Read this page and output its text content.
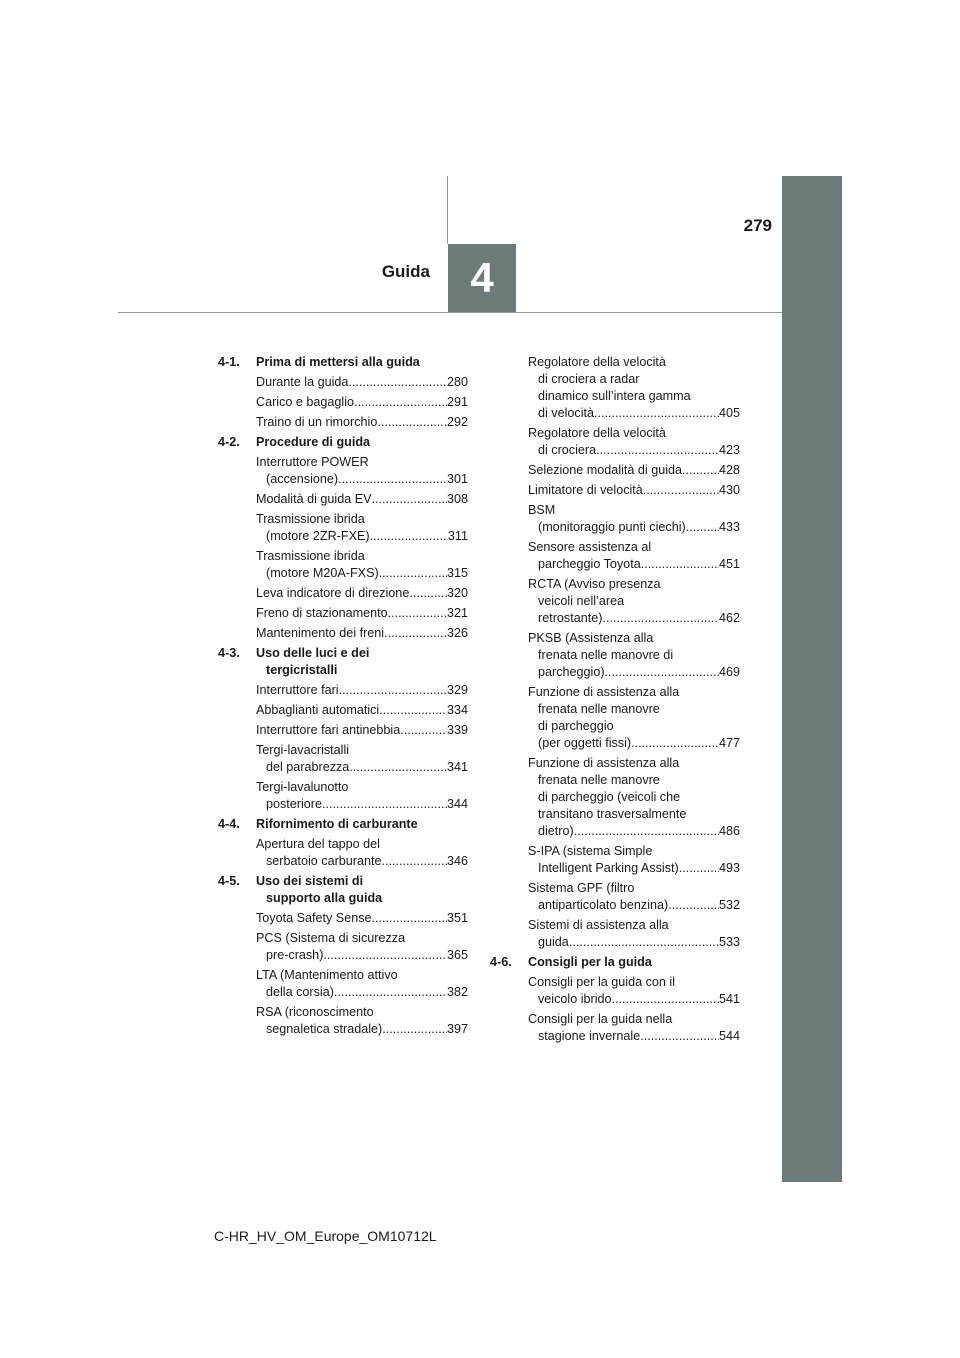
279
4
Guida
4-1.	Prima di mettersi alla guida
Durante la guida .....	280
Carico e bagaglio .....	291
Traino di un rimorchio .....	292
4-2.	Procedure di guida
Interruttore POWER
(accensione) .....	301
Modalità di guida EV .....	308
Trasmissione ibrida
(motore 2ZR-FXE) .....	311
Trasmissione ibrida
(motore M20A-FXS) .....	315
Leva indicatore di direzione .....	320
Freno di stazionamento .....	321
Mantenimento dei freni .....	326
4-3.	Uso delle luci e dei
tergicristalli
Interruttore fari .....	329
Abbaglianti automatici .....	334
Interruttore fari antinebbia .....	339
Tergi-lavacristalli
del parabrezza .....	341
Tergi-lavalunotto
posteriore .....	344
4-4.	Rifornimento di carburante
Apertura del tappo del
serbatoio carburante .....	346
4-5.	Uso dei sistemi di
supporto alla guida
Toyota Safety Sense .....	351
PCS (Sistema di sicurezza
pre-crash) .....	365
LTA (Mantenimento attivo
della corsia) .....	382
RSA (riconoscimento
segnaletica stradale) .....	397
Regolatore della velocità
di crociera a radar
dinamico sull’intera gamma
di velocità .....	405
Regolatore della velocità
di crociera .....	423
Selezione modalità di guida .....	428
Limitatore di velocità .....	430
BSM
(monitoraggio punti ciechi) .....	433
Sensore assistenza al
parcheggio Toyota .....	451
RCTA (Avviso presenza
veicoli nell’area
retrostante) .....	462
PKSB (Assistenza alla
frenata nelle manovre di
parcheggio) .....	469
Funzione di assistenza alla
frenata nelle manovre
di parcheggio
(per oggetti fissi) .....	477
Funzione di assistenza alla
frenata nelle manovre
di parcheggio (veicoli che
transitano trasversalmente
dietro) .....	486
S-IPA (sistema Simple
Intelligent Parking Assist) .....	493
Sistema GPF (filtro
antiparticolato benzina) .....	532
Sistemi di assistenza alla
guida .....	533
4-6.	Consigli per la guida
Consigli per la guida con il
veicolo ibrido .....	541
Consigli per la guida nella
stagione invernale .....	544
C-HR_HV_OM_Europe_OM10712L
